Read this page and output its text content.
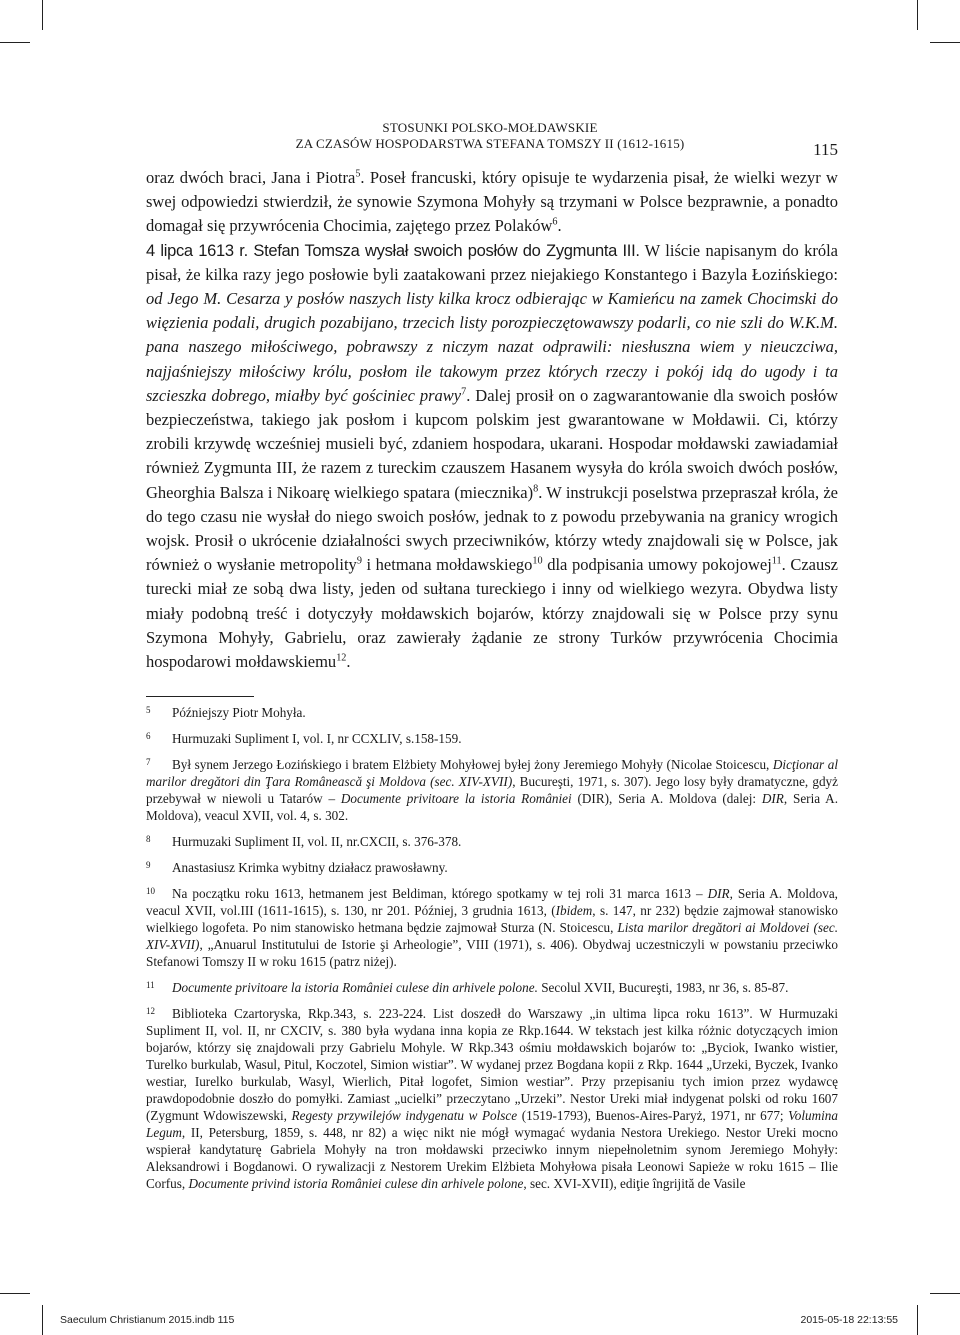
STOSUNKI POLSKO-MOŁDAWSKIE
ZA CZASÓW HOSPODARSTWA STEFANA TOMSZY II (1612-1615)	115

oraz dwóch braci, Jana i Piotra$^5$. Poseł francuski, który opisuje te wydarzenia pisał, że wielki wezyr w swej odpowiedzi stwierdził, że synowie Szymona Mohyły są trzymani w Polsce bezprawnie, a ponadto domagał się przywrócenia Chocimia, zajętego przez Polaków$^6$.

4 lipca 1613 r. Stefan Tomsza wysłał swoich posłów do Zygmunta III. W liście napisanym do króla pisał, że kilka razy jego posłowie byli zaatakowani przez niejakiego Konstantego i Bazyla Łozińskiego: od Jego M. Cesarza y posłów naszych listy kilka krocz odbierając w Kamieńcu na zamek Chocimski do więzienia podali, drugich pozabijano, trzecich listy porozpieczętowawszy podarli, co nie szli do W.K.M. pana naszego miłościwego, pobrawszy z niczym nazat odprawili: niesłuszna wiem y nieuczciwa, najjaśniejszy miłościwy królu, posłom ile takowym przez których rzeczy i pokój idą do ugody i ta szcieszka dobrego, miałby być gościniec prawy$^7$. Dalej prosił on o zagwarantowanie dla swoich posłów bezpieczeństwa, takiego jak posłom i kupcom polskim jest gwarantowane w Mołdawii. Ci, którzy zrobili krzywdę wcześniej musieli być, zdaniem hospodara, ukarani. Hospodar mołdawski zawiadamiał również Zygmunta III, że razem z tureckim czauszem Hasanem wysyła do króla swoich dwóch posłów, Gheorghia Balsza i Nikoarę wielkiego spatara (miecznika)$^8$. W instrukcji poselstwa przepraszał króla, że do tego czasu nie wysłał do niego swoich posłów, jednak to z powodu przebywania na granicy wrogich wojsk. Prosił o ukrócenie działalności swych przeciwników, którzy wtedy znajdowali się w Polsce, jak również o wysłanie metropolity$^9$ i hetmana mołdawskiego$^{10}$ dla podpisania umowy pokojowej$^{11}$. Czausz turecki miał ze sobą dwa listy, jeden od sułtana tureckiego i inny od wielkiego wezyra. Obydwa listy miały podobną treść i dotyczyły mołdawskich bojarów, którzy znajdowali się w Polsce przy synu Szymona Mohyły, Gabrielu, oraz zawierały żądanie ze strony Turków przywrócenia Chocimia hospodarowi mołdawskiemu$^{12}$.

5 Późniejszy Piotr Mohyła.

6 Hurmuzaki Supliment I, vol. I, nr CCXLIV, s.158-159.

7 Był synem Jerzego Łozińskiego i bratem Elżbiety Mohyłowej byłej żony Jeremiego Mohyły (Nicolae Stoicescu, Dicţionar al marilor dregători din Ţara Românească şi Moldova (sec. XIV-XVII), Bucureşti, 1971, s. 307). Jego losy były dramatyczne, gdyż przebywał w niewoli u Tatarów – Documente privitoare la istoria României (DIR), Seria A. Moldova (dalej: DIR, Seria A. Moldova), veacul XVII, vol. 4, s. 302.

8 Hurmuzaki Supliment II, vol. II, nr.CXCII, s. 376-378.

9 Anastasiusz Krimka wybitny działacz prawosławny.

10 Na początku roku 1613, hetmanem jest Beldiman, którego spotkamy w tej roli 31 marca 1613 – DIR, Seria A. Moldova, veacul XVII, vol.III (1611-1615), s. 130, nr 201. Później, 3 grudnia 1613, (Ibidem, s. 147, nr 232) będzie zajmował stanowisko wielkiego logofeta. Po nim stanowisko hetmana będzie zajmował Sturza (N. Stoicescu, Lista marilor dregători ai Moldovei (sec. XIV-XVII), „Anuarul Institutului de Istorie şi Arheologie”, VIII (1971), s. 406). Obydwaj uczestniczyli w powstaniu przeciwko Stefanowi Tomszy II w roku 1615 (patrz niżej).

11 Documente privitoare la istoria României culese din arhivele polone. Secolul XVII, Bucureşti, 1983, nr 36, s. 85-87.

12 Biblioteka Czartoryska, Rkp.343, s. 223-224. List doszedł do Warszawy „in ultima lipca roku 1613”. W Hurmuzaki Supliment II, vol. II, nr CXCIV, s. 380 była wydana inna kopia ze Rkp.1644. W tekstach jest kilka różnic dotyczących imion bojarów, którzy się znajdowali przy Gabrielu Mohyle. W Rkp.343 ośmiu mołdawskich bojarów to: „Byciok, Iwanko wistier, Turelko burkulab, Wasul, Pitul, Koczotel, Simion wistiar”. W wydanej przez Bogdana kopii z Rkp. 1644 „Urzeki, Byczek, Ivanko westiar, Iurelko burkulab, Wasyl, Wierlich, Pitał logofet, Simion westiar”. Przy przepisaniu tych imion przez wydawcę prawdopodobnie doszło do pomyłki. Zamiast „ucielki” przeczytano „Urzeki”. Nestor Ureki miał indygenat polski od roku 1607 (Zygmunt Wdowiszewski, Regesty przywilejów indygenatu w Polsce (1519-1793), Buenos-Aires-Paryż, 1971, nr 677; Volumina Legum, II, Petersburg, 1859, s. 448, nr 82) a więc nikt nie mógł wymagać wydania Nestora Urekiego. Nestor Ureki mocno wspierał kandytaturę Gabriela Mohyły na tron mołdawski przeciwko innym niepełnoletnim synom Jeremiego Mohyły: Aleksandrowi i Bogdanowi. O rywalizacji z Nestorem Urekim Elżbieta Mohyłowa pisała Leonowi Sapieże w roku 1615 – Ilie Corfus, Documente privind istoria României culese din arhivele polone, sec. XVI-XVII), ediţie îngrijită de Vasile

Saeculum Christianum 2015.indb 115	2015-05-18 22:13:55
